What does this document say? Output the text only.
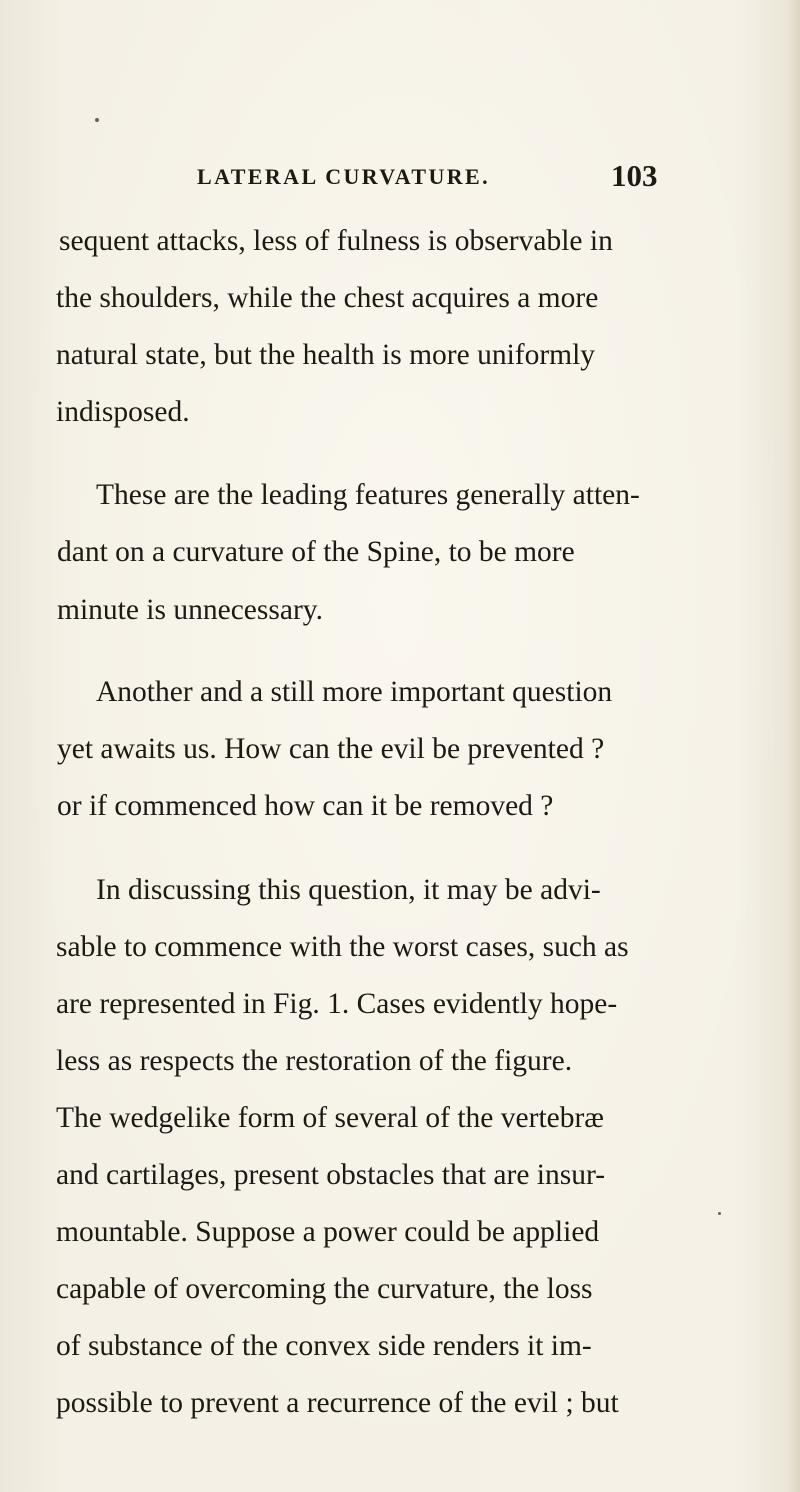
LATERAL CURVATURE.	103
sequent attacks, less of fulness is observable in
the shoulders, while the chest acquires a more
natural state, but the health is more uniformly
indisposed.
These are the leading features generally atten-
dant on a curvature of the Spine, to be more
minute is unnecessary.
Another and a still more important question
yet awaits us. How can the evil be prevented ?
or if commenced how can it be removed ?
In discussing this question, it may be advi-
sable to commence with the worst cases, such as
are represented in Fig. 1. Cases evidently hope-
less as respects the restoration of the figure.
The wedgelike form of several of the vertebræ
and cartilages, present obstacles that are insur-
mountable. Suppose a power could be applied
capable of overcoming the curvature, the loss
of substance of the convex side renders it im-
possible to prevent a recurrence of the evil ; but
